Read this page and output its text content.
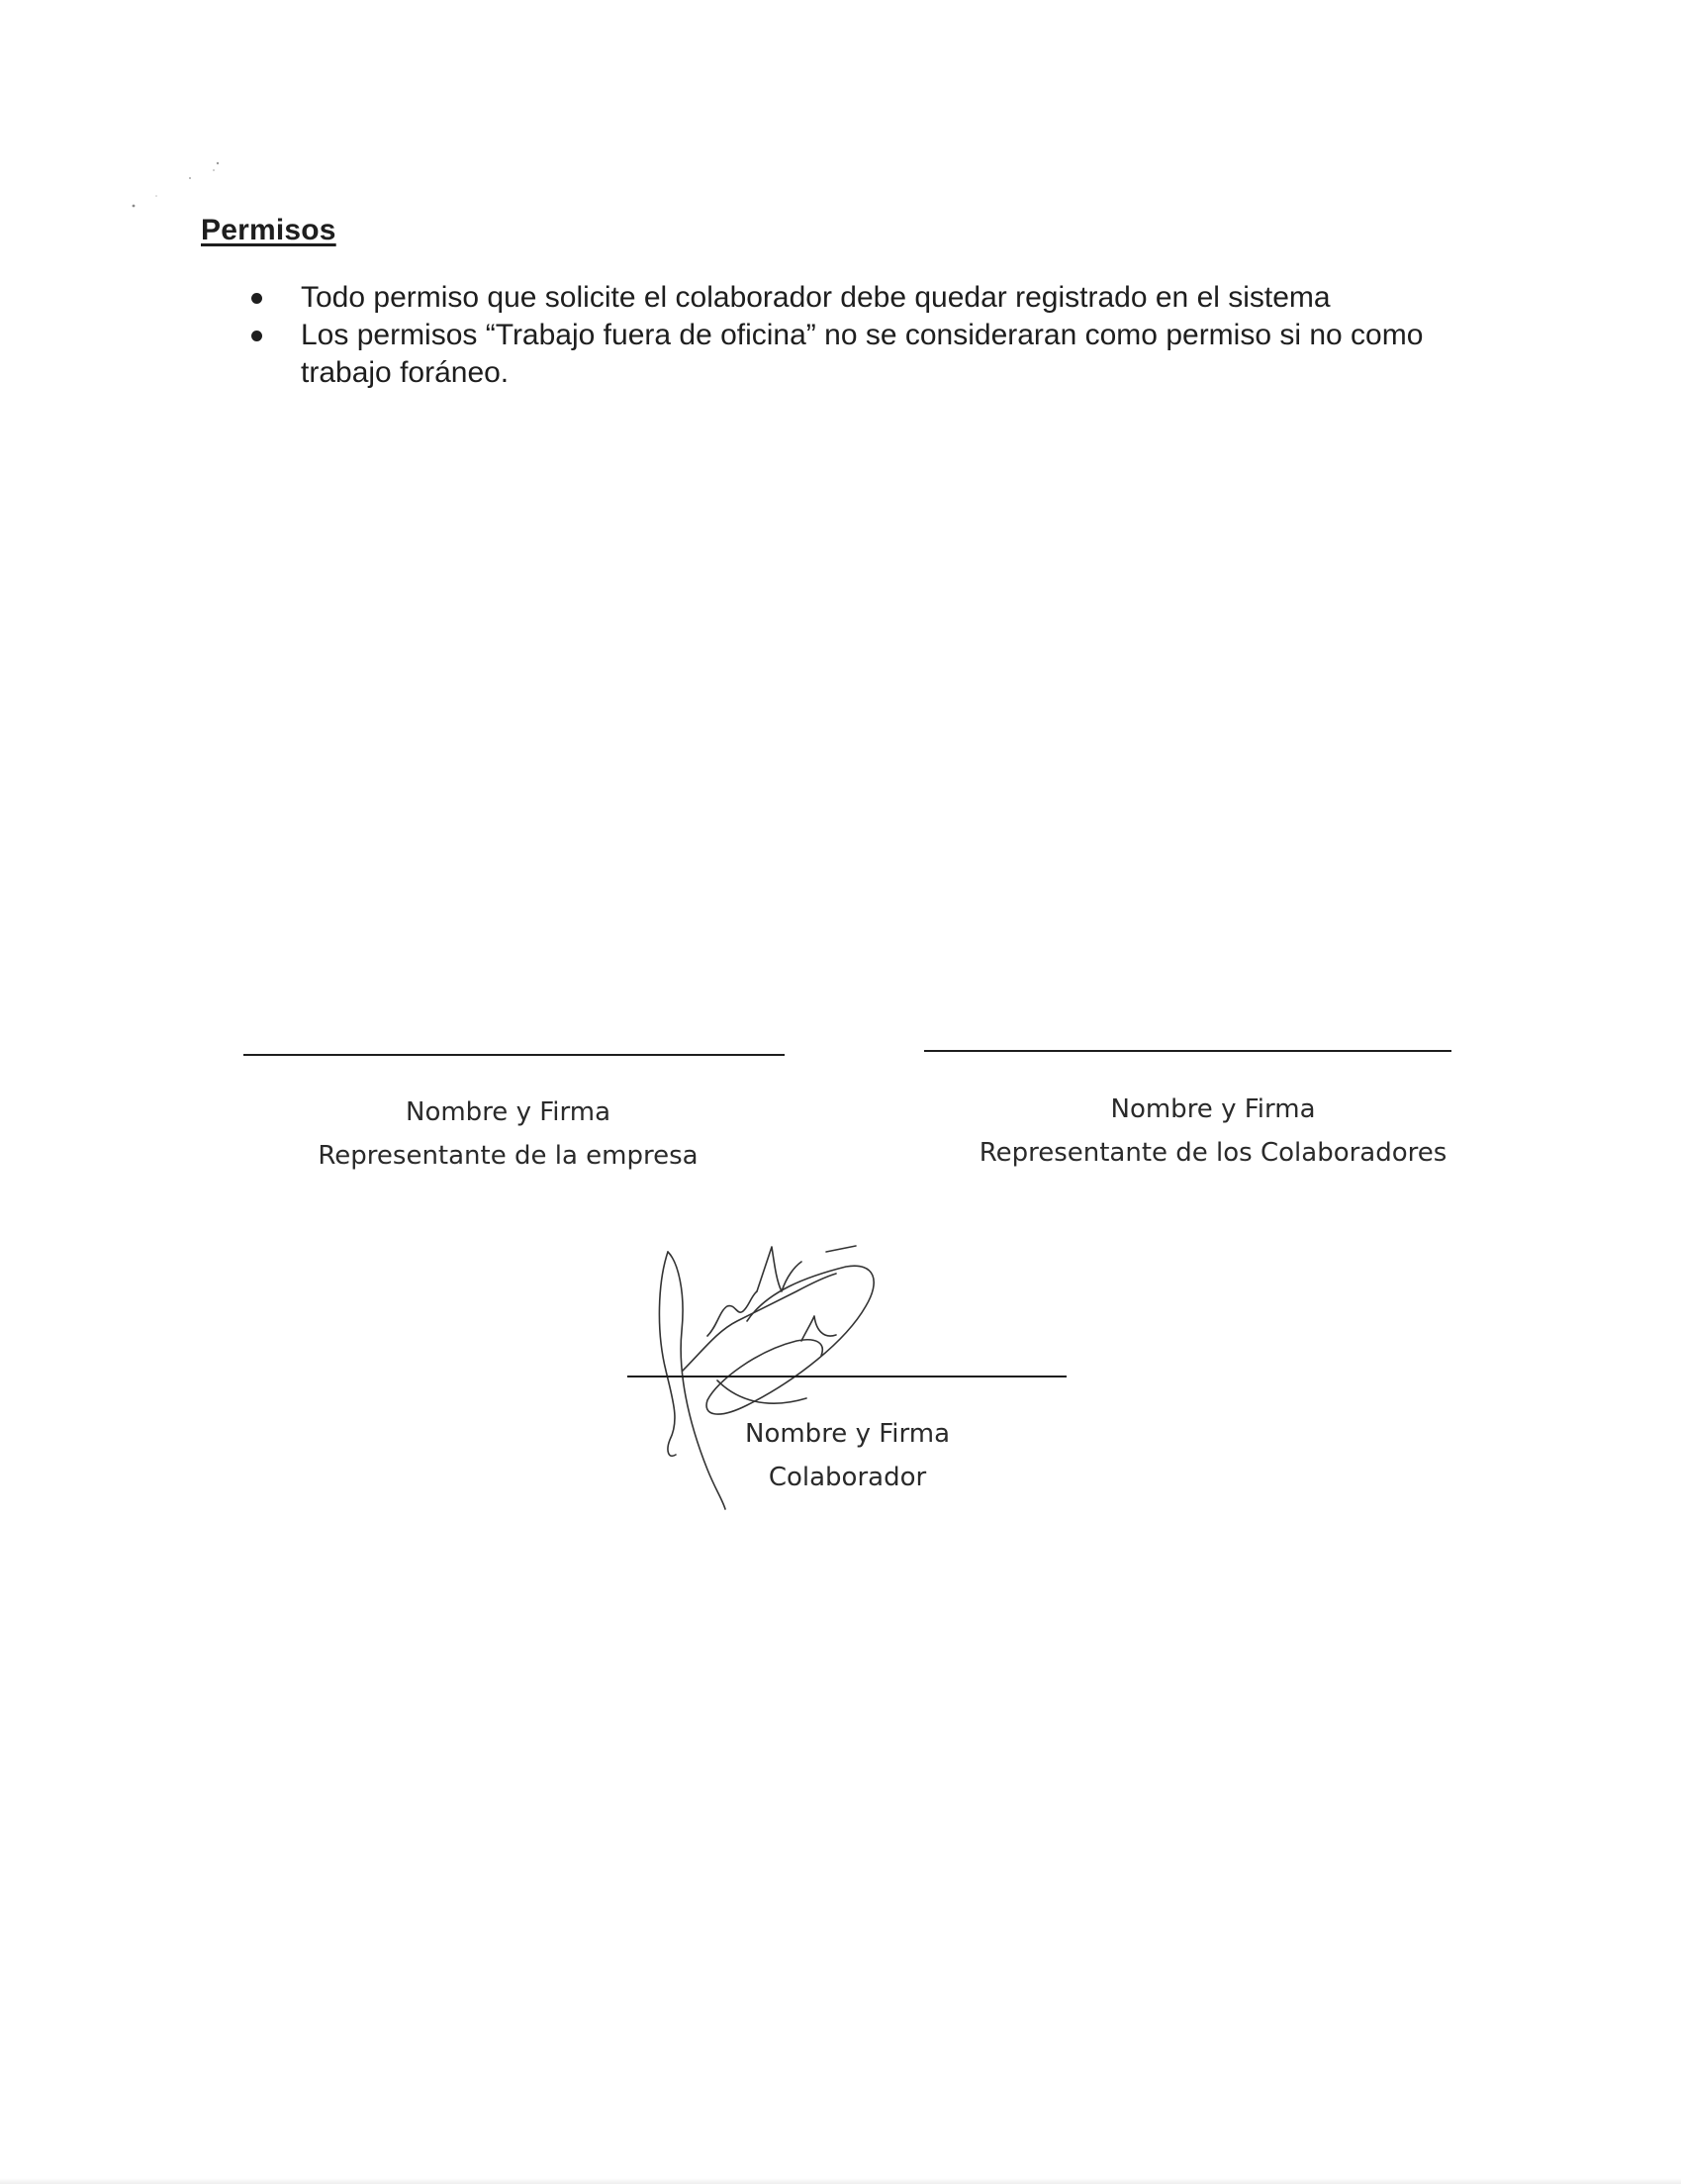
Permisos
Todo permiso que solicite el colaborador debe quedar registrado en el sistema
Los permisos “Trabajo fuera de oficina” no se consideraran como permiso si no como trabajo foráneo.
Nombre y Firma
Representante de la empresa
Nombre y Firma
Representante de los Colaboradores
Nombre y Firma
Colaborador
